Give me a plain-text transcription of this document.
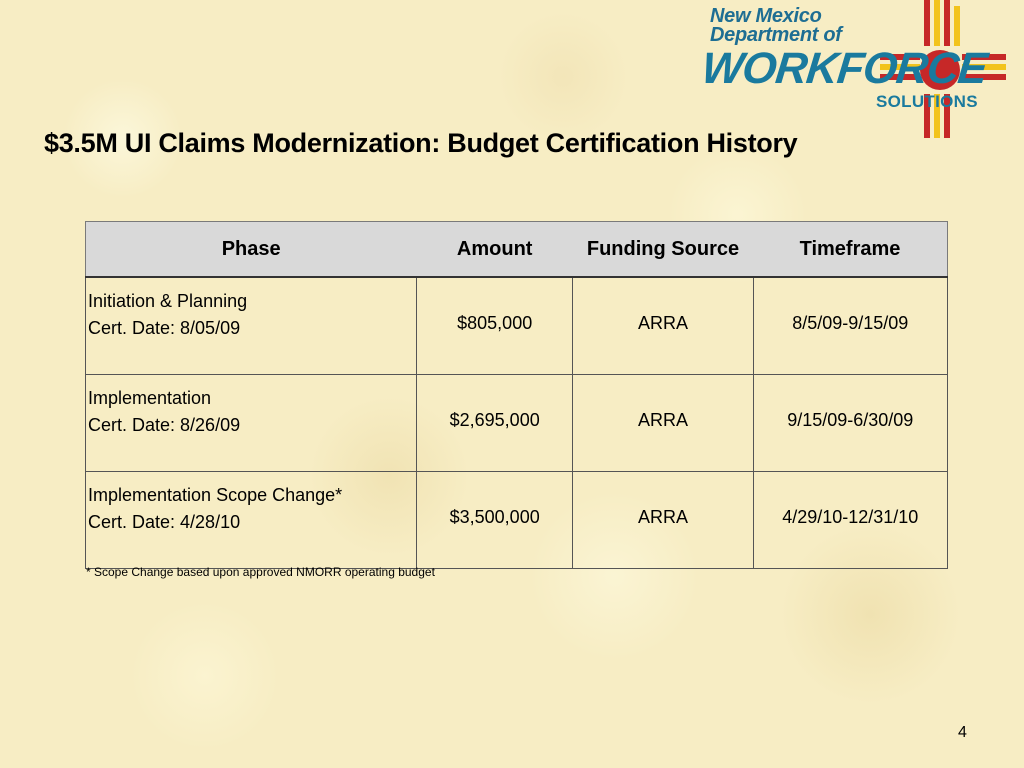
New Mexico
Department of
WORKFORCE
SOLUTIONS
$3.5M UI Claims Modernization: Budget Certification History
Phase	Amount	Funding Source	Timeframe

Initiation & Planning
Cert. Date: 8/05/09	$805,000	ARRA	8/5/09-9/15/09

Implementation
Cert. Date: 8/26/09	$2,695,000	ARRA	9/15/09-6/30/09

Implementation Scope Change*
Cert. Date: 4/28/10	$3,500,000	ARRA	4/29/10-12/31/10
* Scope Change based upon approved NMORR operating budget
4
